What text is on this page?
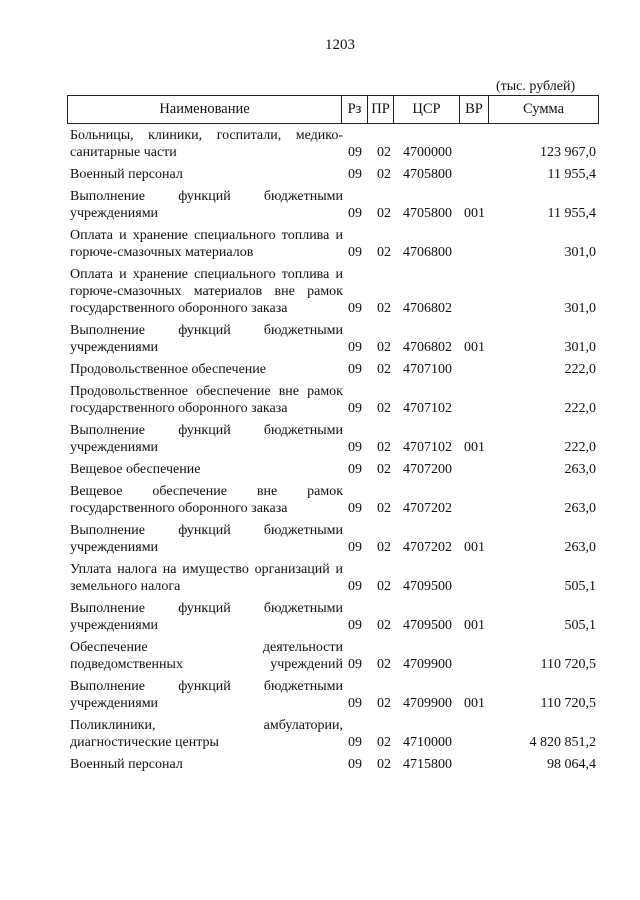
1203
(тыс. рублей)
Наименование	Рз ПР	ЦСР	ВР	Сумма
Больницы, клиники, госпитали, медико-санитарные части	09 02 4700000	123 967,0
Военный персонал	09 02 4705800	11 955,4
Выполнение функций бюджетными учреждениями	09 02 4705800 001	11 955,4
Оплата и хранение специального топлива и горюче-смазочных материалов	09 02 4706800	301,0
Оплата и хранение специального топлива и горюче-смазочных материалов вне рамок государственного оборонного заказа	09 02 4706802	301,0
Выполнение функций бюджетными учреждениями	09 02 4706802 001	301,0
Продовольственное обеспечение	09 02 4707100	222,0
Продовольственное обеспечение вне рамок государственного оборонного заказа	09 02 4707102	222,0
Выполнение функций бюджетными учреждениями	09 02 4707102 001	222,0
Вещевое обеспечение	09 02 4707200	263,0
Вещевое обеспечение вне рамок государственного оборонного заказа	09 02 4707202	263,0
Выполнение функций бюджетными учреждениями	09 02 4707202 001	263,0
Уплата налога на имущество организаций и земельного налога	09 02 4709500	505,1
Выполнение функций бюджетными учреждениями	09 02 4709500 001	505,1
Обеспечение деятельности подведомственных учреждений 09 02 4709900	110 720,5
Выполнение функций бюджетными учреждениями	09 02 4709900 001	110 720,5
Поликлиники, амбулатории, диагностические центры	09 02 4710000	4 820 851,2
Военный персонал	09 02 4715800	98 064,4
